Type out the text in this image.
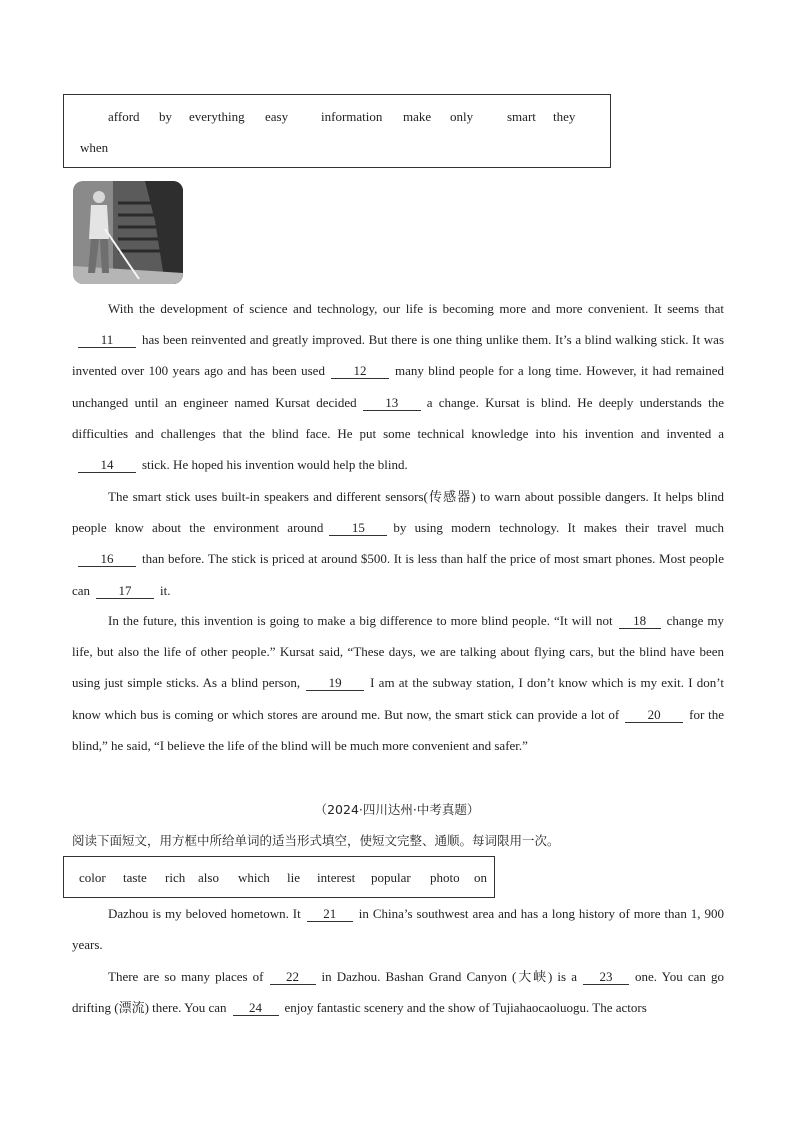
afford by everything easy	information make only	smart they
when

With the development of science and technology, our life is becoming more and more convenient. It seems that11 has been reinvented and greatly improved. But there is one thing unlike them. It’s a blind walking stick. It was invented over 100 years ago and has been used 12 many blind people for a long time. However, it had remained unchanged until an engineer named Kursat decided 13 a change. Kursat is blind. He deeply understands the difficulties and challenges that the blind face. He put some technical knowledge into his invention and invented a14 stick. He hoped his invention would help the blind.

The smart stick uses built-in speakers and different sensors(传感器) to warn about possible dangers. It helps blind people know about the environment around 15 by using modern technology. It makes their travel much16 than before. The stick is priced at around $500. It is less than half the price of most smart phones. Most people can 17 it.

In the future, this invention is going to make a big difference to more blind people. “It will not 18 change my life, but also the life of other people.” Kursat said, “These days, we are talking about flying cars, but the blind have been using just simple sticks. As a blind person, 19 I am at the subway station, I don’t know which is my exit. I don’t know which bus is coming or which stores are around me. But now, the smart stick can provide a lot of 20 for the blind,” he said, “I believe the life of the blind will be much more convenient and safer.”

（2024·四川达州·中考真题）
阅读下面短文，用方框中所给单词的适当形式填空，使短文完整、通顺。每词限用一次。
color taste rich also which lie interest popular photo on

Dazhou is my beloved hometown. It 21 in China’s southwest area and has a long history of more than 1, 900 years.

There are so many places of 22 in Dazhou. Bashan Grand Canyon (大峡) is a 23 one. You can go drifting (漂流) there. You can 24 enjoy fantastic scenery and the show of Tujiahaocaoluogu. The actors
